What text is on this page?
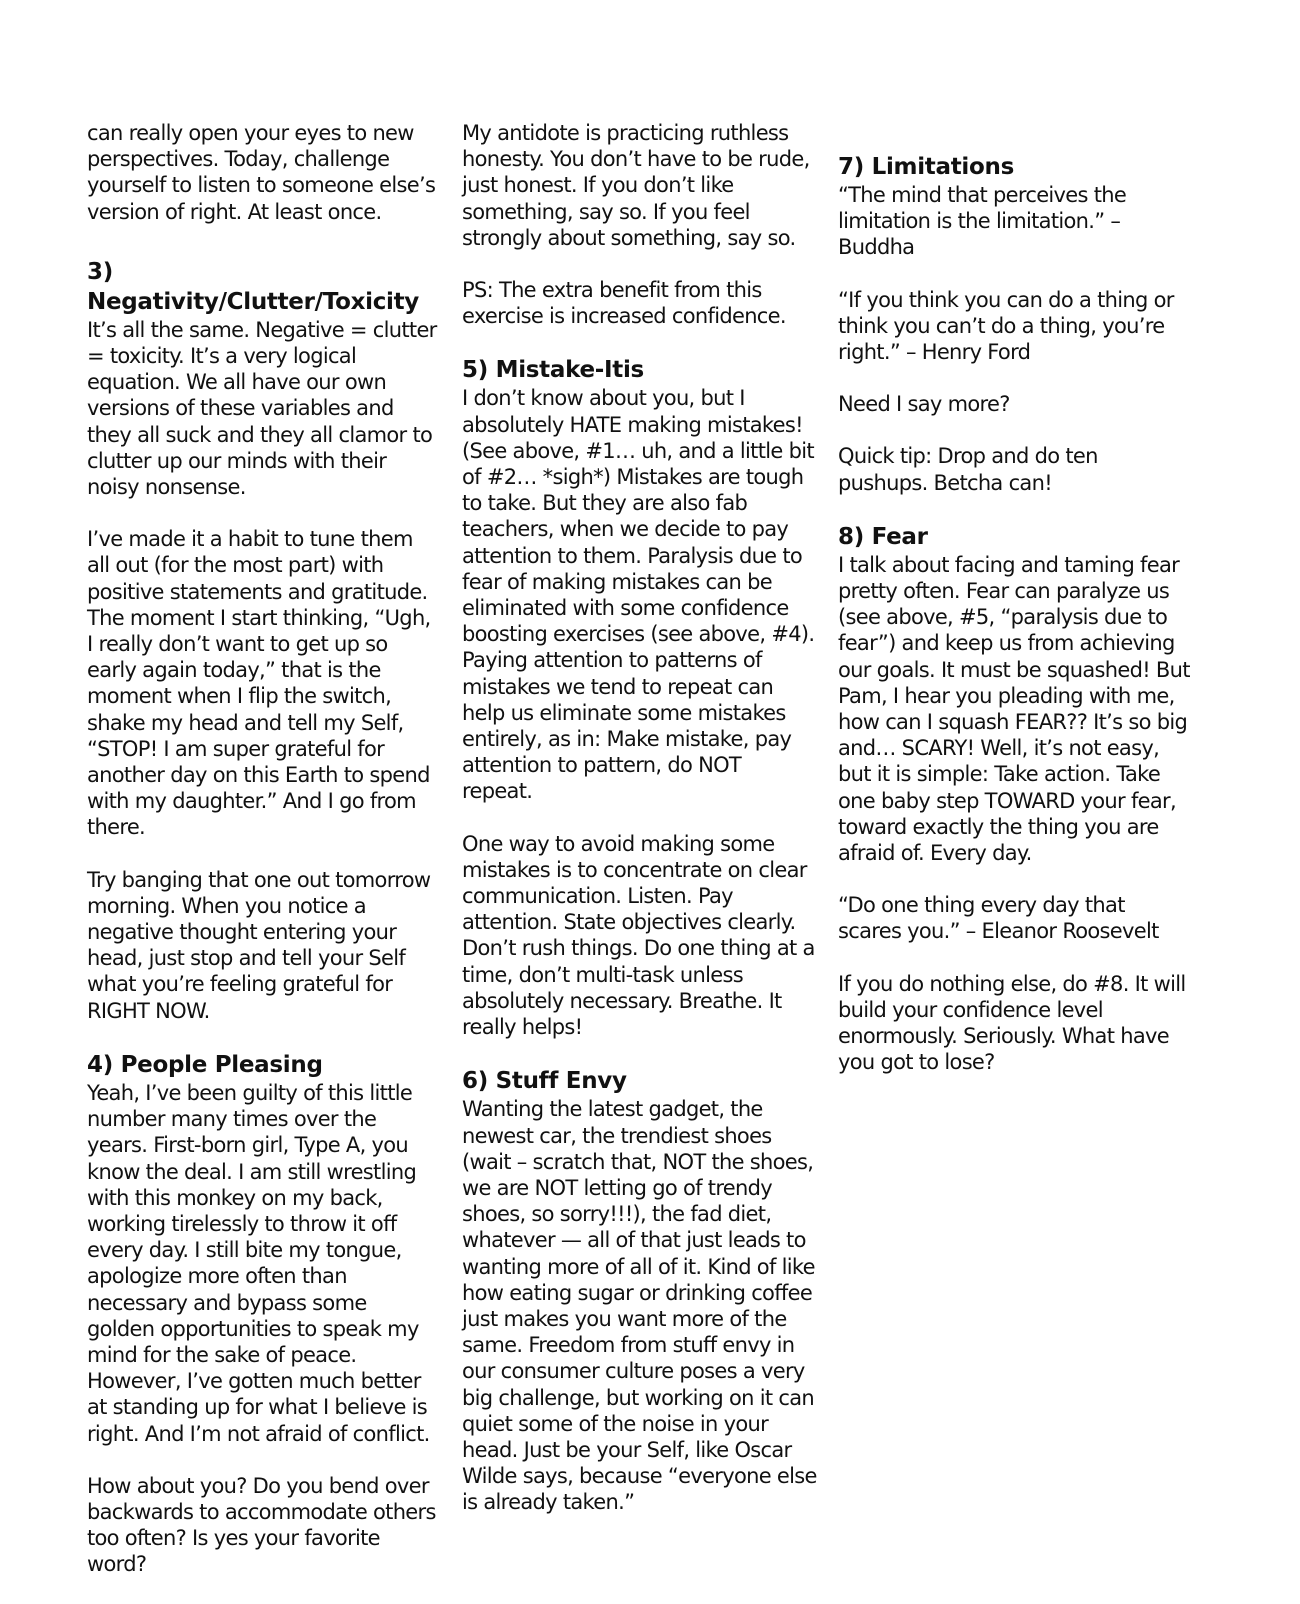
can really open your eyes to new perspectives. Today, challenge yourself to listen to someone else’s version of right. At least once.

3) Negativity/Clutter/Toxicity

It’s all the same. Negative = clutter = toxicity. It’s a very logical equation. We all have our own versions of these variables and they all suck and they all clamor to clutter up our minds with their noisy nonsense.

I’ve made it a habit to tune them all out (for the most part) with positive statements and gratitude. The moment I start thinking, “Ugh, I really don’t want to get up so early again today,” that is the moment when I flip the switch, shake my head and tell my Self, “STOP! I am super grateful for another day on this Earth to spend with my daughter.” And I go from there.

Try banging that one out tomorrow morning. When you notice a negative thought entering your head, just stop and tell your Self what you’re feeling grateful for RIGHT NOW.

4) People Pleasing

Yeah, I’ve been guilty of this little number many times over the years. First-born girl, Type A, you know the deal. I am still wrestling with this monkey on my back, working tirelessly to throw it off every day. I still bite my tongue, apologize more often than necessary and bypass some golden opportunities to speak my mind for the sake of peace. However, I’ve gotten much better at standing up for what I believe is right. And I’m not afraid of conflict.

How about you? Do you bend over backwards to accommodate others too often? Is yes your favorite word?

My antidote is practicing ruthless honesty. You don’t have to be rude, just honest. If you don’t like something, say so. If you feel strongly about something, say so.

PS: The extra benefit from this exercise is increased confidence.

5) Mistake-Itis

I don’t know about you, but I absolutely HATE making mistakes! (See above, #1… uh, and a little bit of #2… *sigh*) Mistakes are tough to take. But they are also fab teachers, when we decide to pay attention to them. Paralysis due to fear of making mistakes can be eliminated with some confidence boosting exercises (see above, #4). Paying attention to patterns of mistakes we tend to repeat can help us eliminate some mistakes entirely, as in: Make mistake, pay attention to pattern, do NOT repeat.

One way to avoid making some mistakes is to concentrate on clear communication. Listen. Pay attention. State objectives clearly. Don’t rush things. Do one thing at a time, don’t multi-task unless absolutely necessary. Breathe. It really helps!

6) Stuff Envy

Wanting the latest gadget, the newest car, the trendiest shoes (wait – scratch that, NOT the shoes, we are NOT letting go of trendy shoes, so sorry!!!), the fad diet, whatever — all of that just leads to wanting more of all of it. Kind of like how eating sugar or drinking coffee just makes you want more of the same. Freedom from stuff envy in our consumer culture poses a very big challenge, but working on it can quiet some of the noise in your head. Just be your Self, like Oscar Wilde says, because “everyone else is already taken.”

7) Limitations

“The mind that perceives the limitation is the limitation.” – Buddha

“If you think you can do a thing or think you can’t do a thing, you’re right.” – Henry Ford

Need I say more?

Quick tip: Drop and do ten pushups. Betcha can!

8) Fear

I talk about facing and taming fear pretty often. Fear can paralyze us (see above, #5, “paralysis due to fear”) and keep us from achieving our goals. It must be squashed! But Pam, I hear you pleading with me, how can I squash FEAR?? It’s so big and… SCARY! Well, it’s not easy, but it is simple: Take action. Take one baby step TOWARD your fear, toward exactly the thing you are afraid of. Every day.

“Do one thing every day that scares you.” – Eleanor Roosevelt

If you do nothing else, do #8. It will build your confidence level enormously. Seriously. What have you got to lose?
